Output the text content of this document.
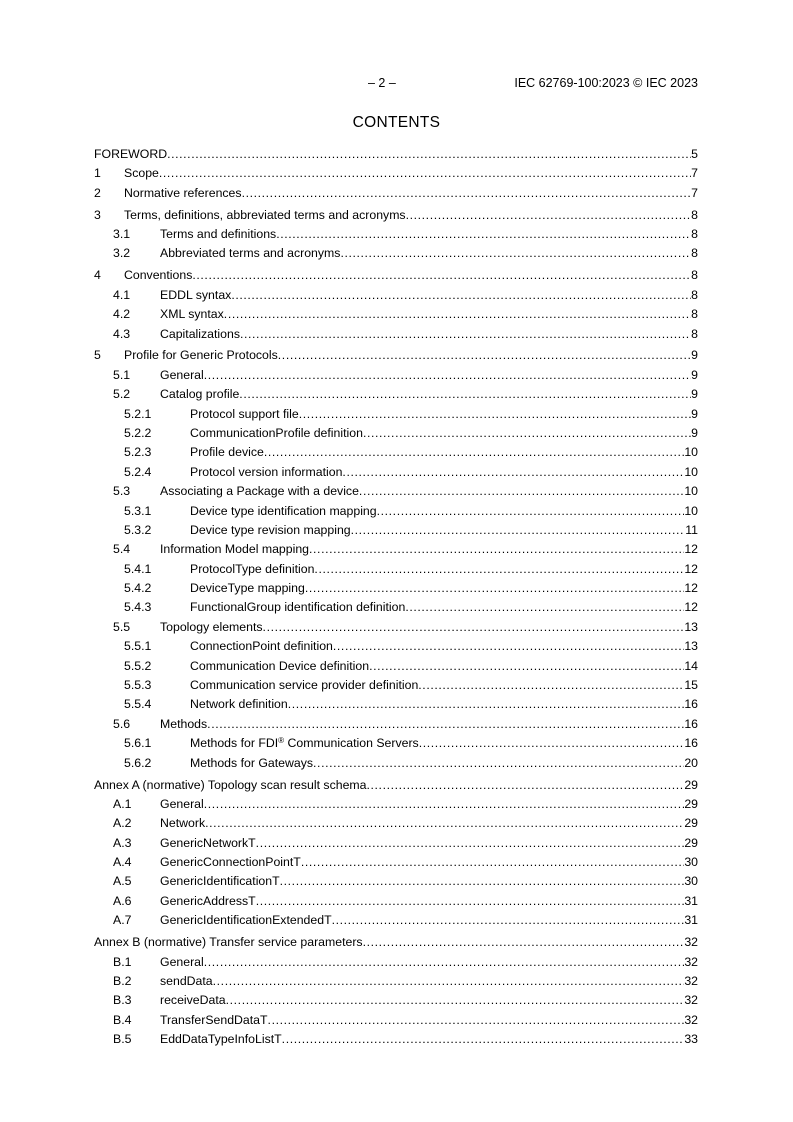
– 2 –	IEC 62769-100:2023 © IEC 2023
CONTENTS
FOREWORD .....	5
1 Scope .....	7
2 Normative references .....	7
3 Terms, definitions, abbreviated terms and acronyms .....	8
3.1 Terms and definitions .....	8
3.2 Abbreviated terms and acronyms .....	8
4 Conventions .....	8
4.1 EDDL syntax .....	8
4.2 XML syntax .....	8
4.3 Capitalizations .....	8
5 Profile for Generic Protocols .....	9
5.1 General .....	9
5.2 Catalog profile .....	9
5.2.1	Protocol support file .....	9
5.2.2	CommunicationProfile definition .....	9
5.2.3	Profile device .....	10
5.2.4	Protocol version information .....	10
5.3 Associating a Package with a device .....	10
5.3.1	Device type identification mapping .....	10
5.3.2	Device type revision mapping .....	11
5.4 Information Model mapping .....	12
5.4.1	ProtocolType definition .....	12
5.4.2	DeviceType mapping .....	12
5.4.3	FunctionalGroup identification definition .....	12
5.5 Topology elements .....	13
5.5.1	ConnectionPoint definition .....	13
5.5.2	Communication Device definition .....	14
5.5.3	Communication service provider definition .....	15
5.5.4	Network definition .....	16
5.6 Methods .....	16
5.6.1	Methods for FDI® Communication Servers .....	16
5.6.2	Methods for Gateways .....	20
Annex A (normative) Topology scan result schema .....	29
A.1 General .....	29
A.2 Network .....	29
A.3 GenericNetworkT .....	29
A.4 GenericConnectionPointT .....	30
A.5 GenericIdentificationT .....	30
A.6 GenericAddressT .....	31
A.7 GenericIdentificationExtendedT .....	31
Annex B (normative) Transfer service parameters .....	32
B.1 General .....	32
B.2 sendData .....	32
B.3 receiveData .....	32
B.4 TransferSendDataT .....	32
B.5 EddDataTypeInfoListT .....	33
